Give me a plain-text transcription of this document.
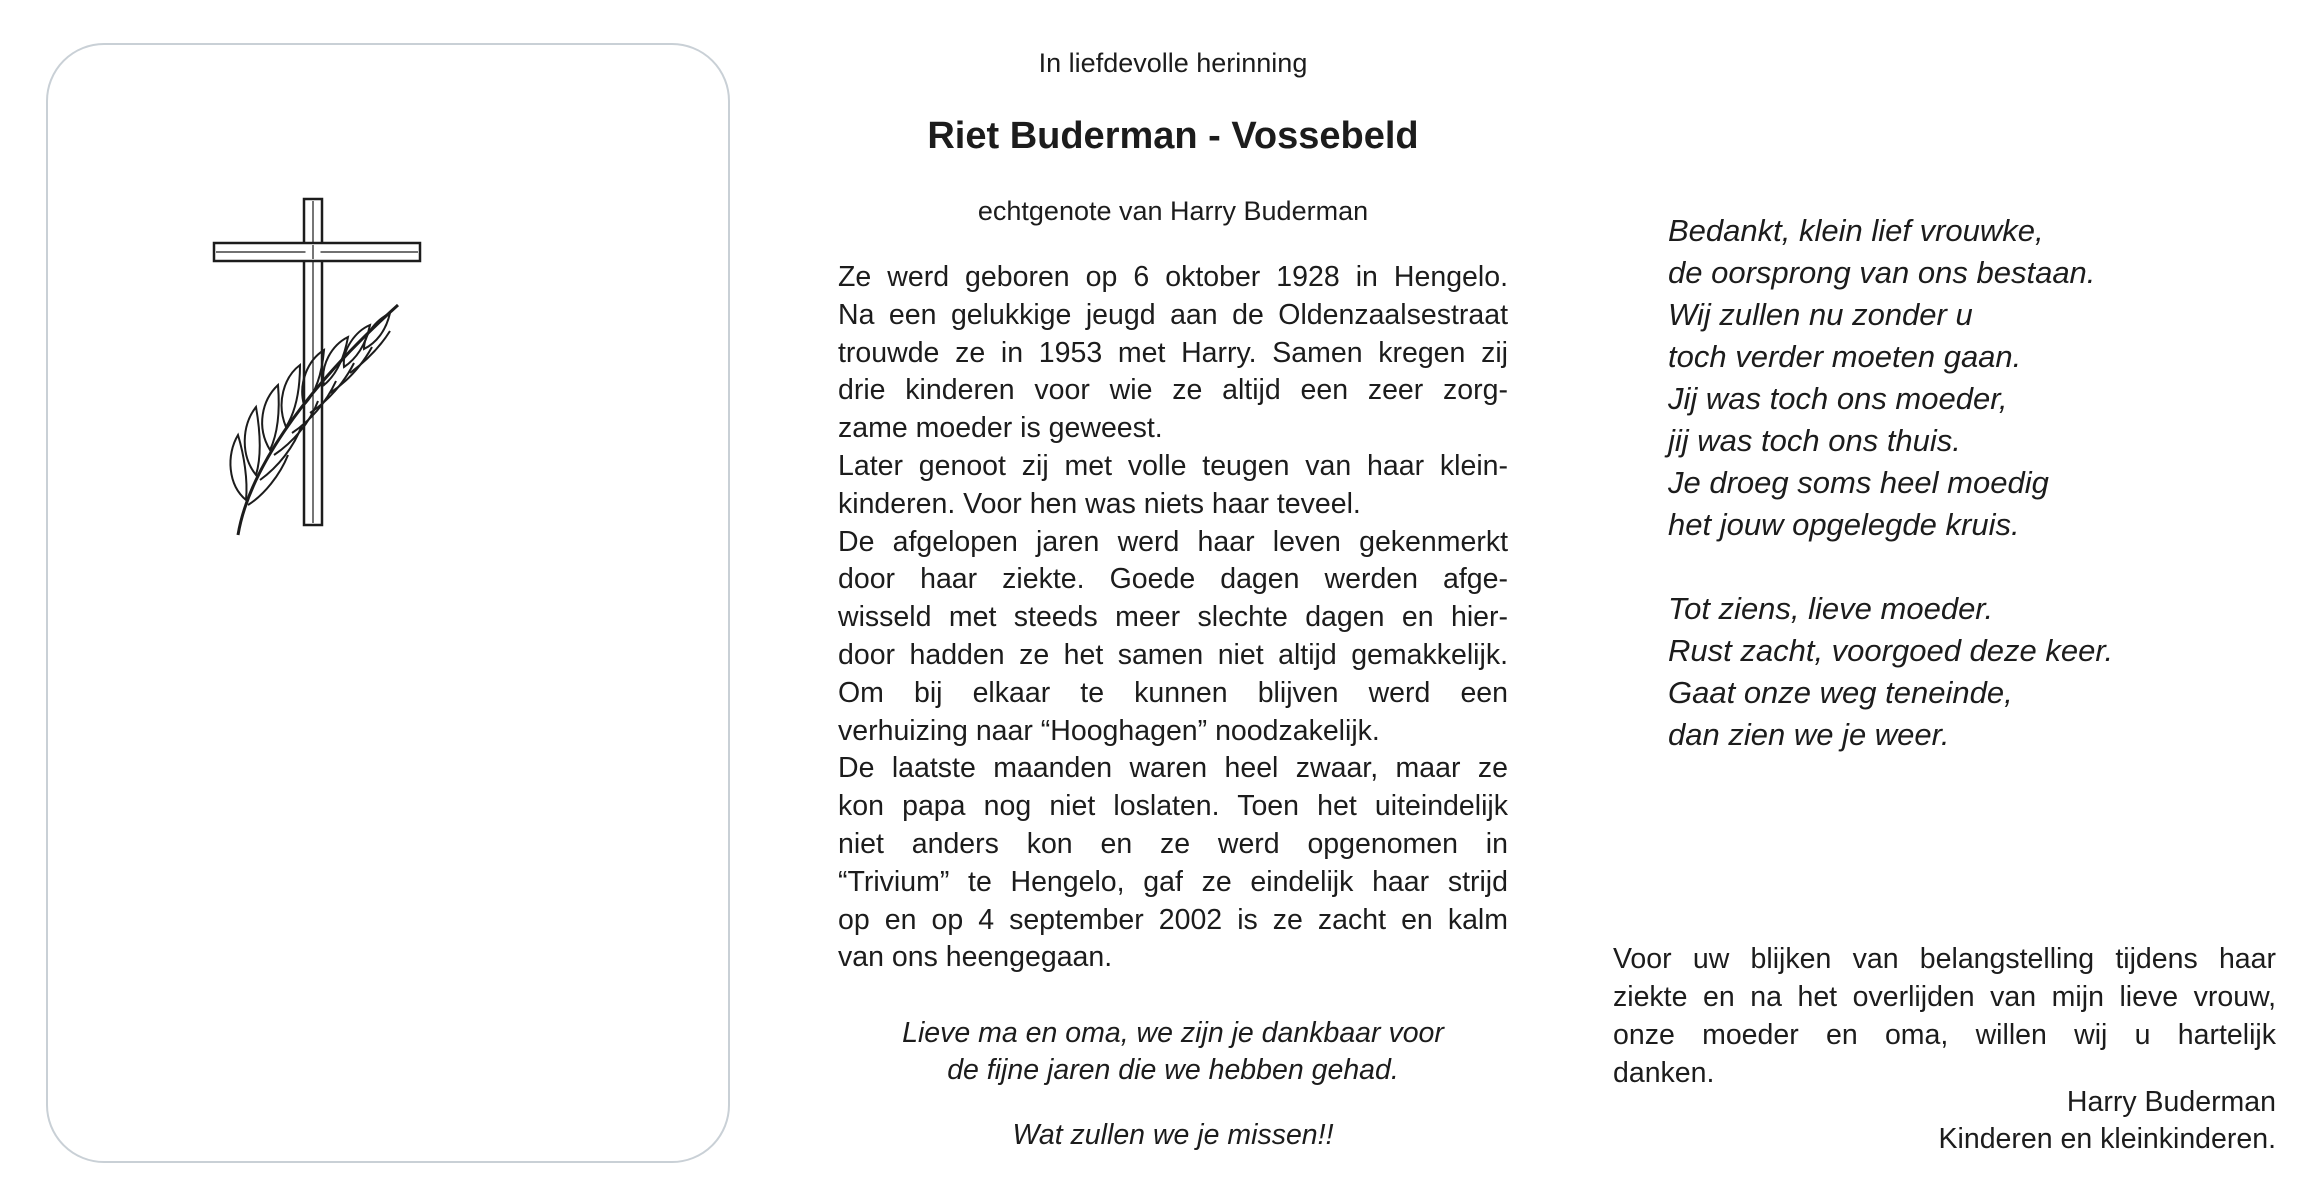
In liefdevolle herinning
Riet Buderman - Vossebeld
echtgenote van Harry Buderman
Ze werd geboren op 6 oktober 1928 in Hengelo.
Na een gelukkige jeugd aan de Oldenzaalsestraat
trouwde ze in 1953 met Harry. Samen kregen zij
drie kinderen voor wie ze altijd een zeer zorg-
zame moeder is geweest.
Later genoot zij met volle teugen van haar klein-
kinderen. Voor hen was niets haar teveel.
De afgelopen jaren werd haar leven gekenmerkt
door haar ziekte. Goede dagen werden afge-
wisseld met steeds meer slechte dagen en hier-
door hadden ze het samen niet altijd gemakkelijk.
Om bij elkaar te kunnen blijven werd een
verhuizing naar “Hooghagen” noodzakelijk.
De laatste maanden waren heel zwaar, maar ze
kon papa nog niet loslaten. Toen het uiteindelijk
niet anders kon en ze werd opgenomen in
“Trivium” te Hengelo, gaf ze eindelijk haar strijd
op en op 4 september 2002 is ze zacht en kalm
van ons heengegaan.
Lieve ma en oma, we zijn je dankbaar voor
de fijne jaren die we hebben gehad.
Wat zullen we je missen!!
Bedankt, klein lief vrouwke,
de oorsprong van ons bestaan.
Wij zullen nu zonder u
toch verder moeten gaan.
Jij was toch ons moeder,
jij was toch ons thuis.
Je droeg soms heel moedig
het jouw opgelegde kruis.
Tot ziens, lieve moeder.
Rust zacht, voorgoed deze keer.
Gaat onze weg teneinde,
dan zien we je weer.
Voor uw blijken van belangstelling tijdens haar
ziekte en na het overlijden van mijn lieve vrouw,
onze moeder en oma, willen wij u hartelijk
danken.
Harry Buderman
Kinderen en kleinkinderen.
